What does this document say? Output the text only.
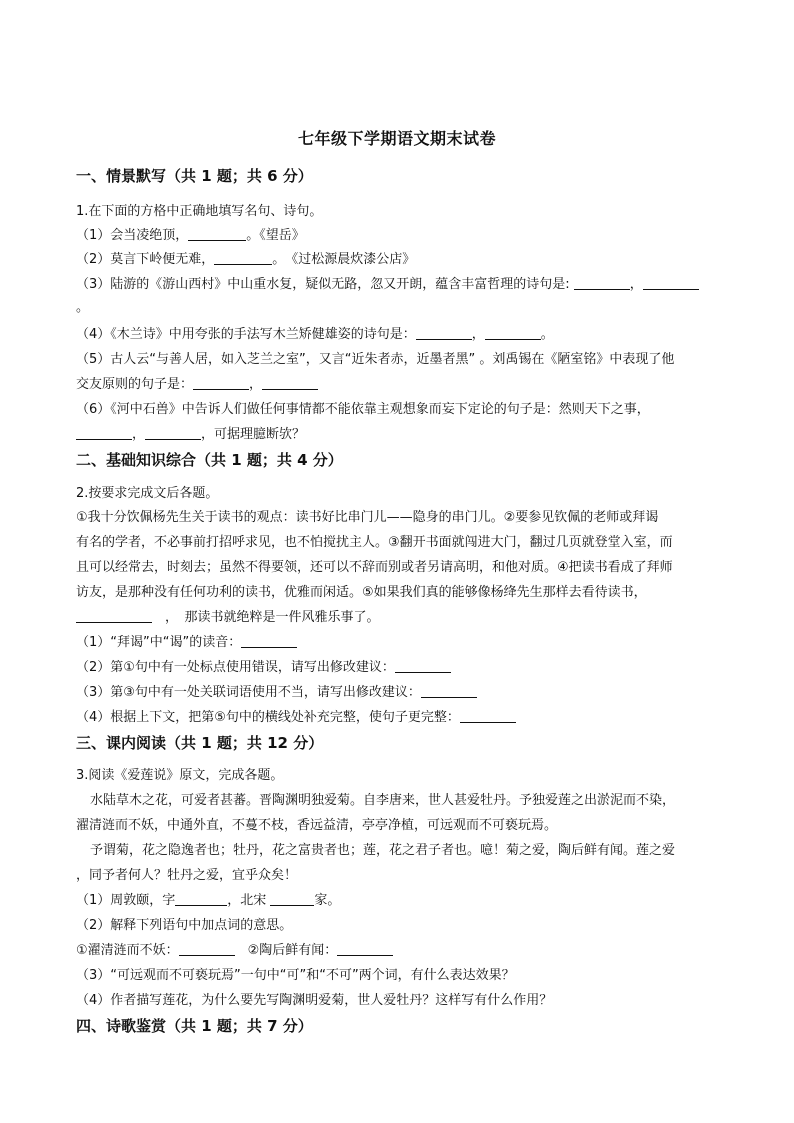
七年级下学期语文期末试卷
一、情景默写（共 1 题；共 6 分）
1.在下面的方格中正确地填写名句、诗句。
（1）会当凌绝顶，	。《望岳》
（2）莫言下岭便无难，	。　《过松源晨炊漆公店》
（3）陆游的《游山西村》中山重水复，疑似无路，忽又开朗，蕴含丰富哲理的诗句是:	，
。
（4）《木兰诗》中用夸张的手法写木兰矫健雄姿的诗句是：	，	。
（5）古人云“与善人居，如入芝兰之室”，又言“近朱者赤，近墨者黑” 。刘禹锡在《陋室铭》中表现了他
交友原则的句子是：	，
（6）《河中石兽》中告诉人们做任何事情都不能依靠主观想象而妄下定论的句子是：然则天下之事，
，	，可据理臆断欤？
二、基础知识综合（共 1 题；共 4 分）
2.按要求完成文后各题。
①我十分饮佩杨先生关于读书的观点：读书好比串门儿——隐身的串门儿。②要参见钦佩的老师或拜谒
有名的学者，不必事前打招呼求见，也不怕搅扰主人。③翻开书面就闯进大门，翻过几页就登堂入室，而
且可以经常去，时刻去；虽然不得要领，还可以不辞而别或者另请高明，和他对质。④把读书看成了拜师
访友，是那种没有任何功利的读书，优雅而闲适。⑤如果我们真的能够像杨绛先生那样去看待读书，
　，　那读书就绝粹是一件风雅乐事了。
（1）“拜谒”中“谒”的读音：
（2）第①句中有一处标点使用错误，请写出修改建议：
（3）第③句中有一处关联词语使用不当，请写出修改建议：
（4）根据上下文，把第⑤句中的横线处补充完整，使句子更完整：
三、课内阅读（共 1 题；共 12 分）
3.阅读《爱莲说》原文，完成各题。
水陆草木之花，可爱者甚蕃。晋陶渊明独爱菊。自李唐来，世人甚爱牡丹。予独爱莲之出淤泥而不染，
濯清涟而不妖，中通外直，不蔓不枝，香远益清，亭亭净植，可远观而不可亵玩焉。
予谓菊，花之隐逸者也；牡丹，花之富贵者也；莲，花之君子者也。噫！菊之爱，陶后鲜有闻。莲之爱
，同予者何人？牡丹之爱，宜乎众矣！
（1）周敦颐，字	，北宋	家。
（2）解释下列语句中加点词的意思。
①濯清涟而不妖：	　②陶后鲜有闻：
（3）“可远观而不可亵玩焉”一句中“可”和“不可”两个词，有什么表达效果？
（4）作者描写莲花，为什么要先写陶渊明爱菊，世人爱牡丹？这样写有什么作用？
四、诗歌鉴赏（共 1 题；共 7 分）
